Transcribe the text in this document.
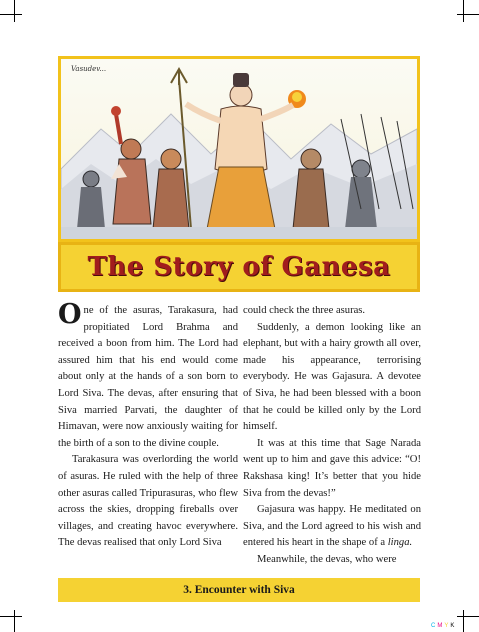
Vasudev...
The Story of Ganesa

One of the asuras, Tarakasura, had propitiated Lord Brahma and received a boon from him. The Lord had assured him that his end would come about only at the hands of a son born to Lord Siva. The devas, after ensuring that Siva married Parvati, the daughter of Himavan, were now anxiously waiting for the birth of a son to the divine couple.

Tarakasura was overlording the world of asuras. He ruled with the help of three other asuras called Tripurasuras, who flew across the skies, dropping fireballs over villages, and creating havoc everywhere. The devas realised that only Lord Siva

could check the three asuras.

Suddenly, a demon looking like an elephant, but with a hairy growth all over, made his appearance, terrorising everybody. He was Gajasura. A devotee of Siva, he had been blessed with a boon that he could be killed only by the Lord himself.

It was at this time that Sage Narada went up to him and gave this advice: “O! Rakshasa king! It’s better that you hide Siva from the devas!”

Gajasura was happy. He meditated on Siva, and the Lord agreed to his wish and entered his heart in the shape of a linga.

Meanwhile, the devas, who were

3. Encounter with Siva
CMYK
